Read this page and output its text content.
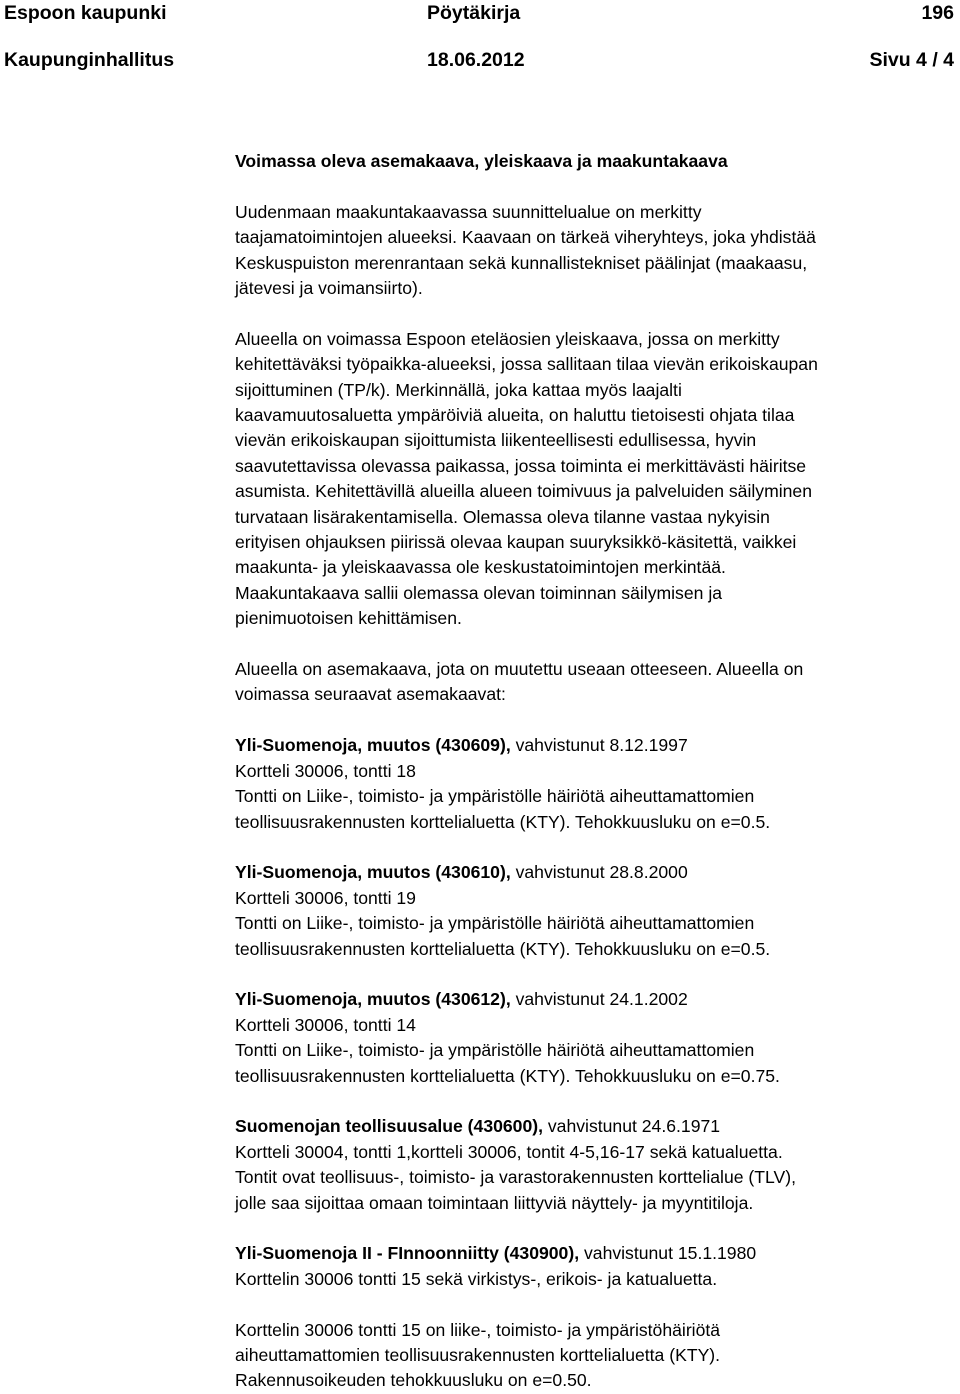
Espoon kaupunki	Pöytäkirja	196
Kaupunginhallitus	18.06.2012	Sivu 4 / 4

Voimassa oleva asemakaava, yleiskaava ja maakuntakaava

Uudenmaan maakuntakaavassa suunnittelualue on merkitty

taajamatoimintojen alueeksi. Kaavaan on tärkeä viheryhteys, joka yhdistää

Keskuspuiston merenrantaan sekä kunnallistekniset päälinjat (maakaasu,

jätevesi ja voimansiirto).

Alueella on voimassa Espoon eteläosien yleiskaava, jossa on merkitty

kehitettäväksi työpaikka-alueeksi, jossa sallitaan tilaa vievän erikoiskaupan

sijoittuminen (TP/k). Merkinnällä, joka kattaa myös laajalti

kaavamuutosaluetta ympäröiviä alueita, on haluttu tietoisesti ohjata tilaa

vievän erikoiskaupan sijoittumista liikenteellisesti edullisessa, hyvin

saavutettavissa olevassa paikassa, jossa toiminta ei merkittävästi häiritse

asumista. Kehitettävillä alueilla alueen toimivuus ja palveluiden säilyminen

turvataan lisärakentamisella. Olemassa oleva tilanne vastaa nykyisin

erityisen ohjauksen piirissä olevaa kaupan suuryksikkö-käsitettä, vaikkei

maakunta- ja yleiskaavassa ole keskustatoimintojen merkintää.

Maakuntakaava sallii olemassa olevan toiminnan säilymisen ja

pienimuotoisen kehittämisen.

Alueella on asemakaava, jota on muutettu useaan otteeseen. Alueella on

voimassa seuraavat asemakaavat:

Yli-Suomenoja, muutos (430609), vahvistunut 8.12.1997

Kortteli 30006, tontti 18

Tontti on Liike-, toimisto- ja ympäristölle häiriötä aiheuttamattomien

teollisuusrakennusten korttelialuetta (KTY). Tehokkuusluku on e=0.5.

Yli-Suomenoja, muutos (430610), vahvistunut 28.8.2000

Kortteli 30006, tontti 19

Tontti on Liike-, toimisto- ja ympäristölle häiriötä aiheuttamattomien

teollisuusrakennusten korttelialuetta (KTY). Tehokkuusluku on e=0.5.

Yli-Suomenoja, muutos (430612), vahvistunut 24.1.2002

Kortteli 30006, tontti 14

Tontti on Liike-, toimisto- ja ympäristölle häiriötä aiheuttamattomien

teollisuusrakennusten korttelialuetta (KTY). Tehokkuusluku on e=0.75.

Suomenojan teollisuusalue (430600), vahvistunut 24.6.1971

Kortteli 30004, tontti 1,kortteli 30006, tontit 4-5,16-17 sekä katualuetta.

Tontit ovat teollisuus-, toimisto- ja varastorakennusten korttelialue (TLV),

jolle saa sijoittaa omaan toimintaan liittyviä näyttely- ja myyntitiloja.

Yli-Suomenoja II - FInnoonniitty (430900), vahvistunut 15.1.1980

Korttelin 30006 tontti 15 sekä virkistys-, erikois- ja katualuetta.

Korttelin 30006 tontti 15 on liike-, toimisto- ja ympäristöhäiriötä

aiheuttamattomien teollisuusrakennusten korttelialuetta (KTY).

Rakennusoikeuden tehokkuusluku on e=0.50.
